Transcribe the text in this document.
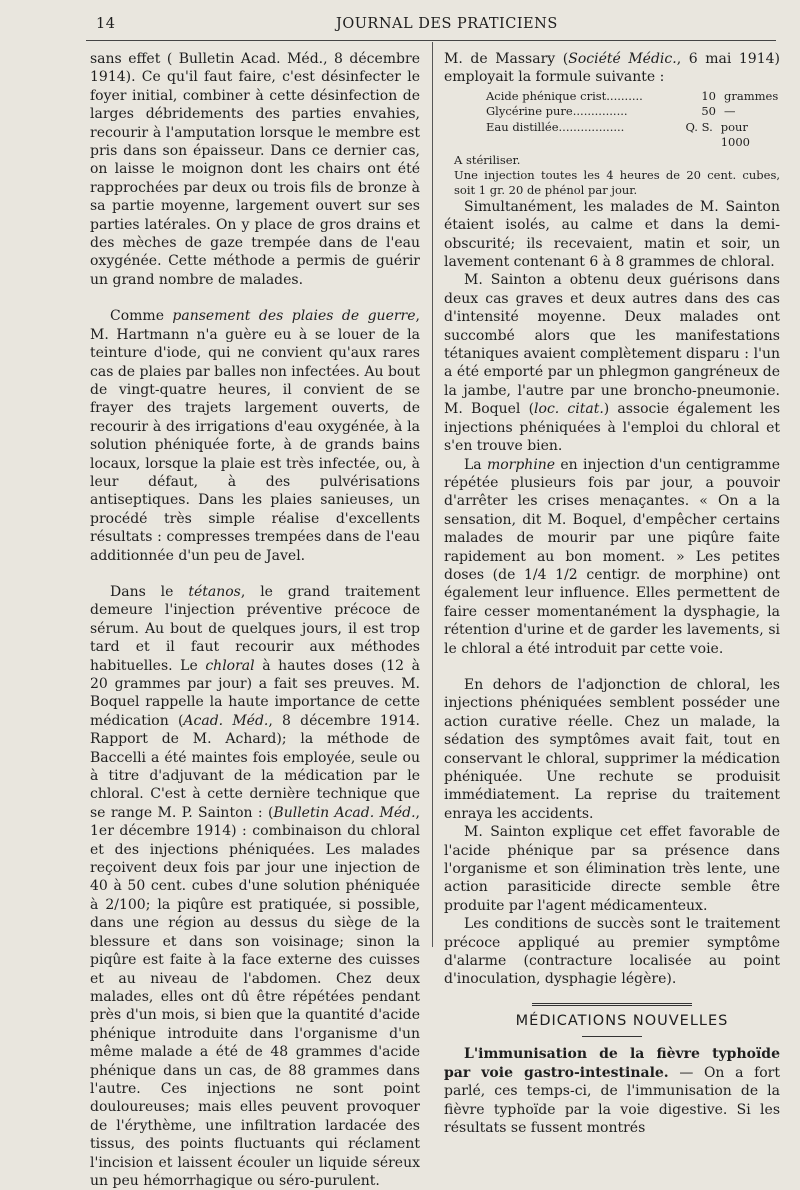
14	JOURNAL DES PRATICIENS

sans effet ( Bulletin Acad. Méd., 8 décembre 1914). Ce qu'il faut faire, c'est désinfecter le foyer initial, combiner à cette désinfection de larges débridements des parties envahies, recourir à l'amputation lorsque le membre est pris dans son épaisseur. Dans ce dernier cas, on laisse le moignon dont les chairs ont été rapprochées par deux ou trois fils de bronze à sa partie moyenne, largement ouvert sur ses parties latérales. On y place de gros drains et des mèches de gaze trempée dans de l'eau oxygénée. Cette méthode a permis de guérir un grand nombre de malades.

Comme pansement des plaies de guerre, M. Hartmann n'a guère eu à se louer de la teinture d'iode, qui ne convient qu'aux rares cas de plaies par balles non infectées. Au bout de vingt-quatre heures, il convient de se frayer des trajets largement ouverts, de recourir à des irrigations d'eau oxygénée, à la solution phéniquée forte, à de grands bains locaux, lorsque la plaie est très infectée, ou, à leur défaut, à des pulvérisations antiseptiques. Dans les plaies sanieuses, un procédé très simple réalise d'excellents résultats : compresses trempées dans de l'eau additionnée d'un peu de Javel.

Dans le tétanos, le grand traitement demeure l'injection préventive précoce de sérum. Au bout de quelques jours, il est trop tard et il faut recourir aux méthodes habituelles. Le chloral à hautes doses (12 à 20 grammes par jour) a fait ses preuves. M. Boquel rappelle la haute importance de cette médication (Acad. Méd., 8 décembre 1914. Rapport de M. Achard); la méthode de Baccelli a été maintes fois employée, seule ou à titre d'adjuvant de la médication par le chloral. C'est à cette dernière technique que se range M. P. Sainton : (Bulletin Acad. Méd., 1er décembre 1914) : combinaison du chloral et des injections phéniquées. Les malades reçoivent deux fois par jour une injection de 40 à 50 cent. cubes d'une solution phéniquée à 2/100; la piqûre est pratiquée, si possible, dans une région au dessus du siège de la blessure et dans son voisinage; sinon la piqûre est faite à la face externe des cuisses et au niveau de l'abdomen. Chez deux malades, elles ont dû être répétées pendant près d'un mois, si bien que la quantité d'acide phénique introduite dans l'organisme d'un même malade a été de 48 grammes d'acide phénique dans un cas, de 88 grammes dans l'autre. Ces injections ne sont point douloureuses; mais elles peuvent provoquer de l'érythème, une infiltration lardacée des tissus, des points fluctuants qui réclament l'incision et laissent écouler un liquide séreux un peu hémorrhagique ou séro-purulent.

M. de Massary (Société Médic., 6 mai 1914) employait la formule suivante :

Acide phénique crist..........	10 grammes
Glycérine pure...............	50 —
Eau distillée..................	Q. S. pour 1000

A stériliser.

Une injection toutes les 4 heures de 20 cent. cubes, soit 1 gr. 20 de phénol par jour.

Simultanément, les malades de M. Sainton étaient isolés, au calme et dans la demi-obscurité; ils recevaient, matin et soir, un lavement contenant 6 à 8 grammes de chloral.

M. Sainton a obtenu deux guérisons dans deux cas graves et deux autres dans des cas d'intensité moyenne. Deux malades ont succombé alors que les manifestations tétaniques avaient complètement disparu : l'un a été emporté par un phlegmon gangréneux de la jambe, l'autre par une broncho-pneumonie. M. Boquel (loc. citat.) associe également les injections phéniquées à l'emploi du chloral et s'en trouve bien.

La morphine en injection d'un centigramme répétée plusieurs fois par jour, a pouvoir d'arrêter les crises menaçantes. « On a la sensation, dit M. Boquel, d'empêcher certains malades de mourir par une piqûre faite rapidement au bon moment. » Les petites doses (de 1/4 1/2 centigr. de morphine) ont également leur influence. Elles permettent de faire cesser momentanément la dysphagie, la rétention d'urine et de garder les lavements, si le chloral a été introduit par cette voie.

En dehors de l'adjonction de chloral, les injections phéniquées semblent posséder une action curative réelle. Chez un malade, la sédation des symptômes avait fait, tout en conservant le chloral, supprimer la médication phéniquée. Une rechute se produisit immédiatement. La reprise du traitement enraya les accidents.

M. Sainton explique cet effet favorable de l'acide phénique par sa présence dans l'organisme et son élimination très lente, une action parasiticide directe semble être produite par l'agent médicamenteux.

Les conditions de succès sont le traitement précoce appliqué au premier symptôme d'alarme (contracture localisée au point d'inoculation, dysphagie légère).

MÉDICATIONS NOUVELLES

L'immunisation de la fièvre typhoïde par voie gastro-intestinale. — On a fort parlé, ces temps-ci, de l'immunisation de la fièvre typhoïde par la voie digestive. Si les résultats se fussent montrés
